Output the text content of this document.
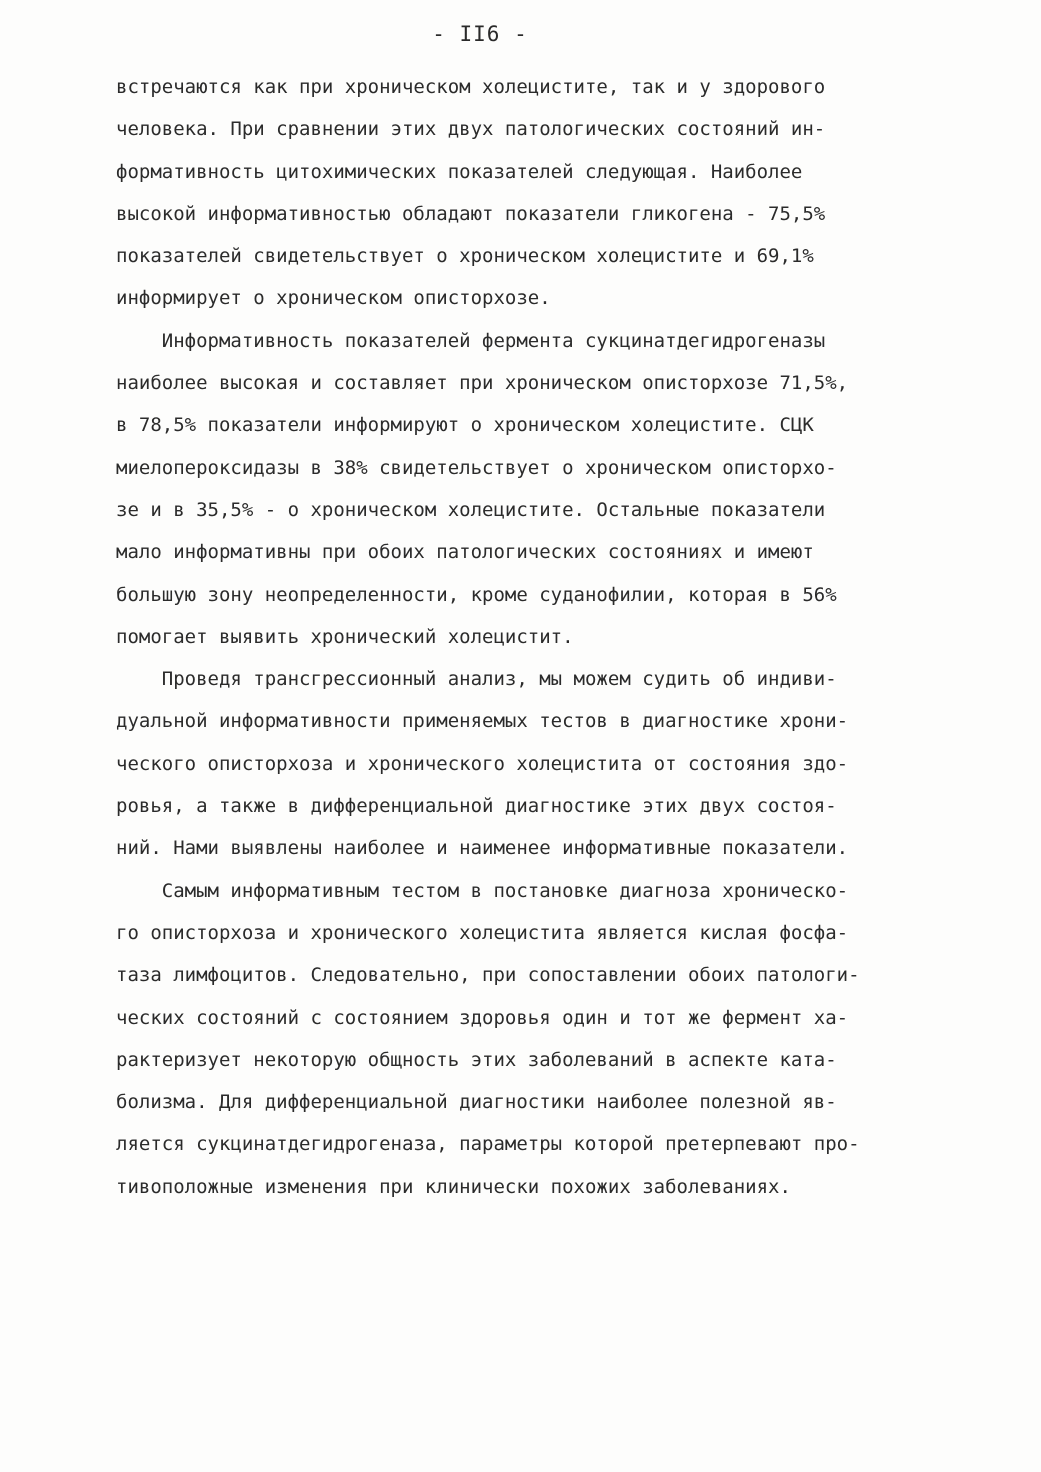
- II6 -
встречаются как при хроническом холецистите, так и у здорового
человека. При сравнении этих двух патологических состояний ин-
формативность цитохимических показателей следующая. Наиболее
высокой информативностью обладают показатели гликогена - 75,5%
показателей свидетельствует о хроническом холецистите и 69,1%
информирует о хроническом описторхозе.
Информативность показателей фермента сукцинатдегидрогеназы
наиболее высокая и составляет при хроническом описторхозе 71,5%,
в 78,5% показатели информируют о хроническом холецистите. СЦК
миелопероксидазы в 38% свидетельствует о хроническом описторхо-
зе и в 35,5% - о хроническом холецистите. Остальные показатели
мало информативны при обоих патологических состояниях и имеют
большую зону неопределенности, кроме суданофилии, которая в 56%
помогает выявить хронический холецистит.
Проведя трансгрессионный анализ, мы можем судить об индиви-
дуальной информативности применяемых тестов в диагностике хрони-
ческого описторхоза и хронического холецистита от состояния здо-
ровья, а также в дифференциальной диагностике этих двух состоя-
ний. Нами выявлены наиболее и наименее информативные показатели.
Самым информативным тестом в постановке диагноза хроническо-
го описторхоза и хронического холецистита является кислая фосфа-
таза лимфоцитов. Следовательно, при сопоставлении обоих патологи-
ческих состояний с состоянием здоровья один и тот же фермент ха-
рактеризует некоторую общность этих заболеваний в аспекте ката-
болизма. Для дифференциальной диагностики наиболее полезной яв-
ляется сукцинатдегидрогеназа, параметры которой претерпевают про-
тивоположные изменения при клинически похожих заболеваниях.
